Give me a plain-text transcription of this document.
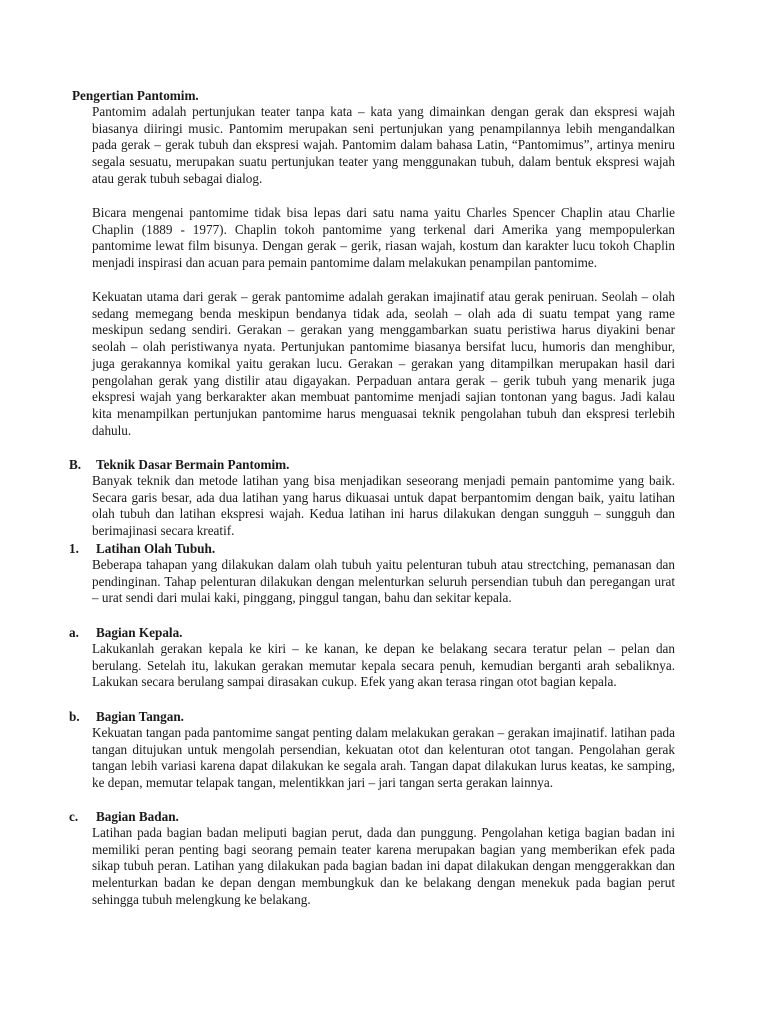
Pengertian Pantomim.

Pantomim adalah pertunjukan teater tanpa kata – kata yang dimainkan dengan gerak dan ekspresi wajah biasanya diiringi music. Pantomim merupakan seni pertunjukan yang penampilannya lebih mengandalkan pada gerak – gerak tubuh dan ekspresi wajah. Pantomim dalam bahasa Latin, “Pantomimus”, artinya meniru segala sesuatu, merupakan suatu pertunjukan teater yang menggunakan tubuh, dalam bentuk ekspresi wajah atau gerak tubuh sebagai dialog.

Bicara mengenai pantomime tidak bisa lepas dari satu nama yaitu Charles Spencer Chaplin atau Charlie Chaplin (1889 - 1977). Chaplin tokoh pantomime yang terkenal dari Amerika yang mempopulerkan pantomime lewat film bisunya. Dengan gerak – gerik, riasan wajah, kostum dan karakter lucu tokoh Chaplin menjadi inspirasi dan acuan para pemain pantomime dalam melakukan penampilan pantomime.

Kekuatan utama dari gerak – gerak pantomime adalah gerakan imajinatif atau gerak peniruan. Seolah – olah sedang memegang benda meskipun bendanya tidak ada, seolah – olah ada di suatu tempat yang rame meskipun sedang sendiri. Gerakan – gerakan yang menggambarkan suatu peristiwa harus diyakini benar seolah – olah peristiwanya nyata. Pertunjukan pantomime biasanya bersifat lucu, humoris dan menghibur, juga gerakannya komikal yaitu gerakan lucu. Gerakan – gerakan yang ditampilkan merupakan hasil dari pengolahan gerak yang distilir atau digayakan. Perpaduan antara gerak – gerik tubuh yang menarik juga ekspresi wajah yang berkarakter akan membuat pantomime menjadi sajian tontonan yang bagus. Jadi kalau kita menampilkan pertunjukan pantomime harus menguasai teknik pengolahan tubuh dan ekspresi terlebih dahulu.

B. Teknik Dasar Bermain Pantomim.

Banyak teknik dan metode latihan yang bisa menjadikan seseorang menjadi pemain pantomime yang baik. Secara garis besar, ada dua latihan yang harus dikuasai untuk dapat berpantomim dengan baik, yaitu latihan olah tubuh dan latihan ekspresi wajah. Kedua latihan ini harus dilakukan dengan sungguh – sungguh dan berimajinasi secara kreatif.

1. Latihan Olah Tubuh.

Beberapa tahapan yang dilakukan dalam olah tubuh yaitu pelenturan tubuh atau strectching, pemanasan dan pendinginan. Tahap pelenturan dilakukan dengan melenturkan seluruh persendian tubuh dan peregangan urat – urat sendi dari mulai kaki, pinggang, pinggul tangan, bahu dan sekitar kepala.

a. Bagian Kepala.

Lakukanlah gerakan kepala ke kiri – ke kanan, ke depan ke belakang secara teratur pelan – pelan dan berulang. Setelah itu, lakukan gerakan memutar kepala secara penuh, kemudian berganti arah sebaliknya. Lakukan secara berulang sampai dirasakan cukup. Efek yang akan terasa ringan otot bagian kepala.

b. Bagian Tangan.

Kekuatan tangan pada pantomime sangat penting dalam melakukan gerakan – gerakan imajinatif. latihan pada tangan ditujukan untuk mengolah persendian, kekuatan otot dan kelenturan otot tangan. Pengolahan gerak tangan lebih variasi karena dapat dilakukan ke segala arah. Tangan dapat dilakukan lurus keatas, ke samping, ke depan, memutar telapak tangan, melentikkan jari – jari tangan serta gerakan lainnya.

c. Bagian Badan.

Latihan pada bagian badan meliputi bagian perut, dada dan punggung. Pengolahan ketiga bagian badan ini memiliki peran penting bagi seorang pemain teater karena merupakan bagian yang memberikan efek pada sikap tubuh peran. Latihan yang dilakukan pada bagian badan ini dapat dilakukan dengan menggerakkan dan melenturkan badan ke depan dengan membungkuk dan ke belakang dengan menekuk pada bagian perut sehingga tubuh melengkung ke belakang.
